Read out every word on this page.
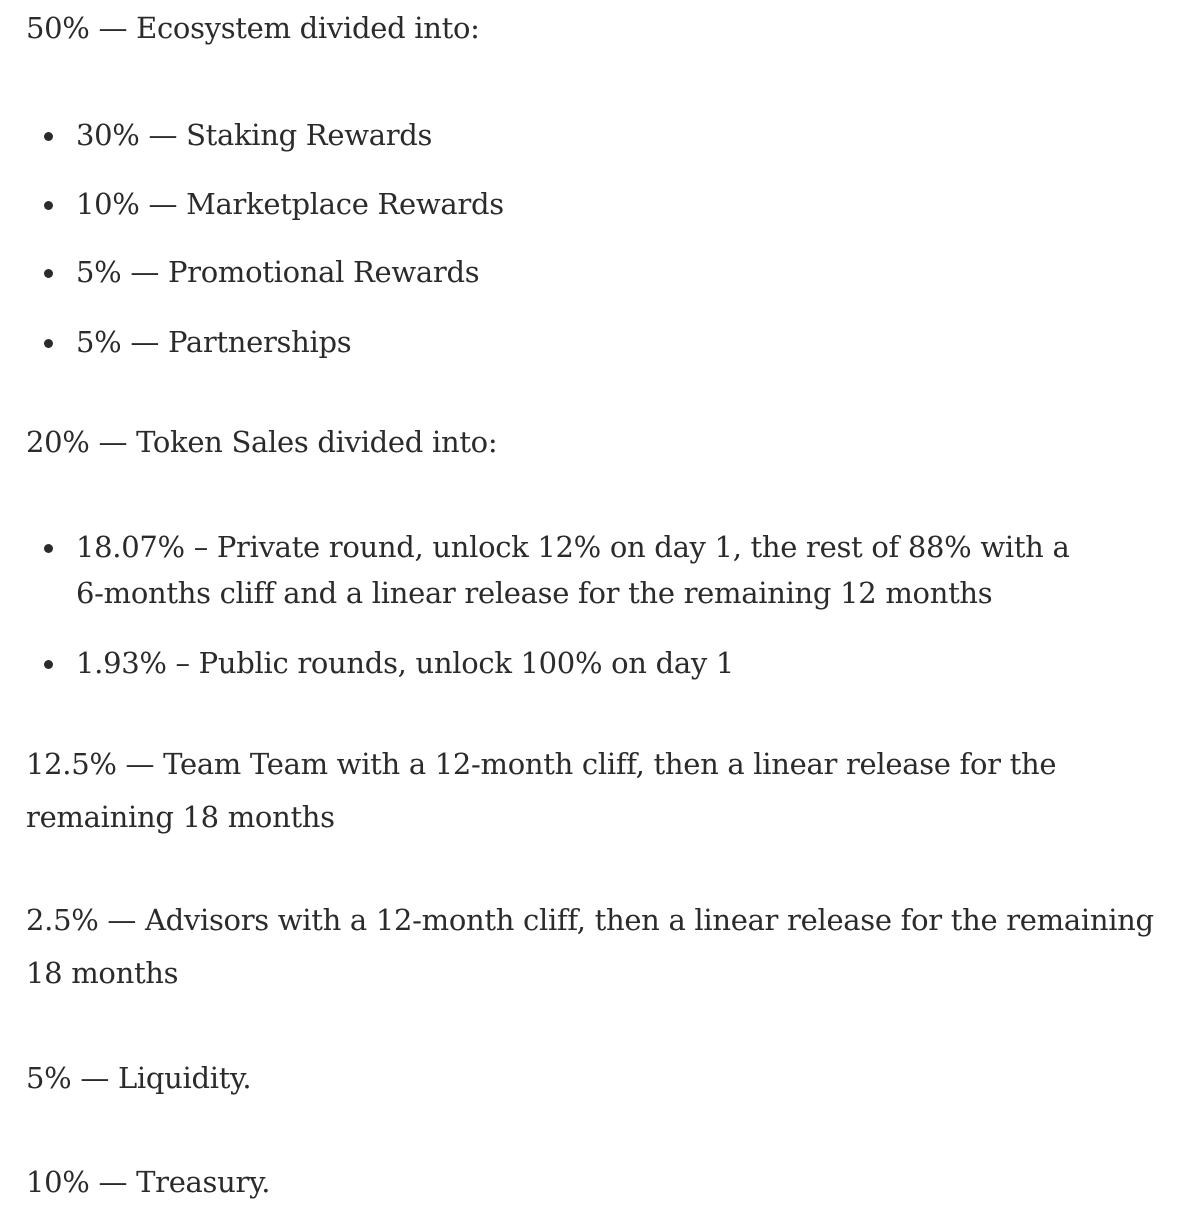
50% — Ecosystem divided into:

30% — Staking Rewards
10% — Marketplace Rewards
5% — Promotional Rewards
5% — Partnerships

20% — Token Sales divided into:

18.07% – Private round, unlock 12% on day 1, the rest of 88% with a 6-months cliff and a linear release for the remaining 12 months
1.93% – Public rounds, unlock 100% on day 1

12.5% — Team Team with a 12-month cliff, then a linear release for the remaining 18 months

2.5% — Advisors with a 12-month cliff, then a linear release for the remaining 18 months

5% — Liquidity.

10% — Treasury.
